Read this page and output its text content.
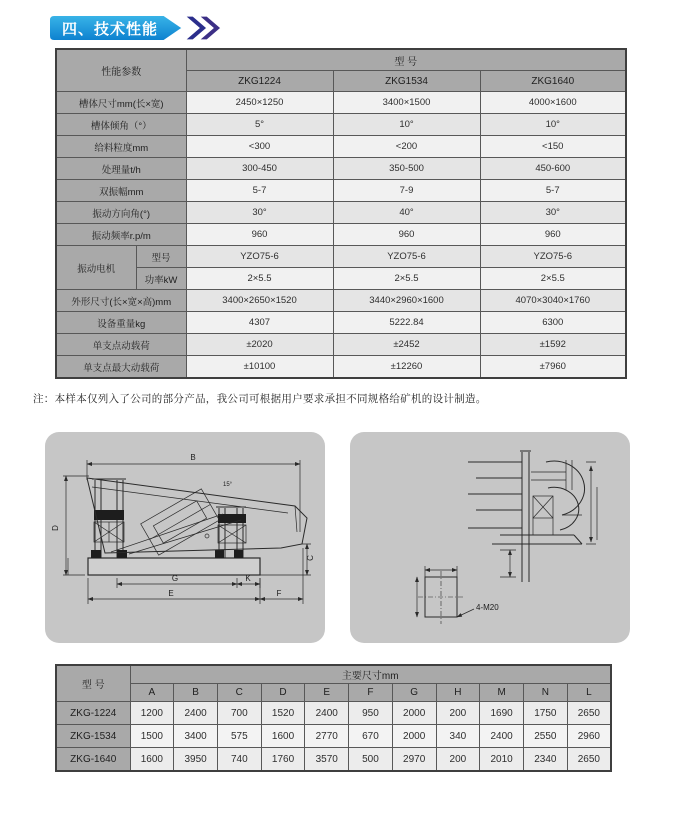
四、技术性能
性能参数		型 号		
		ZKG1224	ZKG1534	ZKG1640
槽体尺寸mm(长×宽)		2450×1250	3400×1500	4000×1600
槽体倾角（°）		5°	10°	10°
给料粒度mm		<300	<200	<150
处理量t/h		300-450	350-500	450-600
双振幅mm		5-7	7-9	5-7
振动方向角(°)		30°	40°	30°
振动频率r.p/m		960	960	960
振动电机	型号	YZO75-6	YZO75-6	YZO75-6
	功率kW	2×5.5	2×5.5	2×5.5
外形尺寸(长×宽×高)mm		3400×2650×1520	3440×2960×1600	4070×3040×1760
设备重量kg		4307	5222.84	6300
单支点动载荷		±2020	±2452	±1592
单支点最大动载荷		±10100	±12260	±7960
注：本样本仅列入了公司的部分产品，我公司可根据用户要求承担不同规格给矿机的设计制造。
B
D
15°
G	K
E	F
C
4-M20
型 号	主要尺寸mm										
	A	B	C	D	E	F	G	H	M	N	L
ZKG-1224	1200	2400	700	1520	2400	950	2000	200	1690	1750	2650
ZKG-1534	1500	3400	575	1600	2770	670	2000	340	2400	2550	2960
ZKG-1640	1600	3950	740	1760	3570	500	2970	200	2010	2340	2650
